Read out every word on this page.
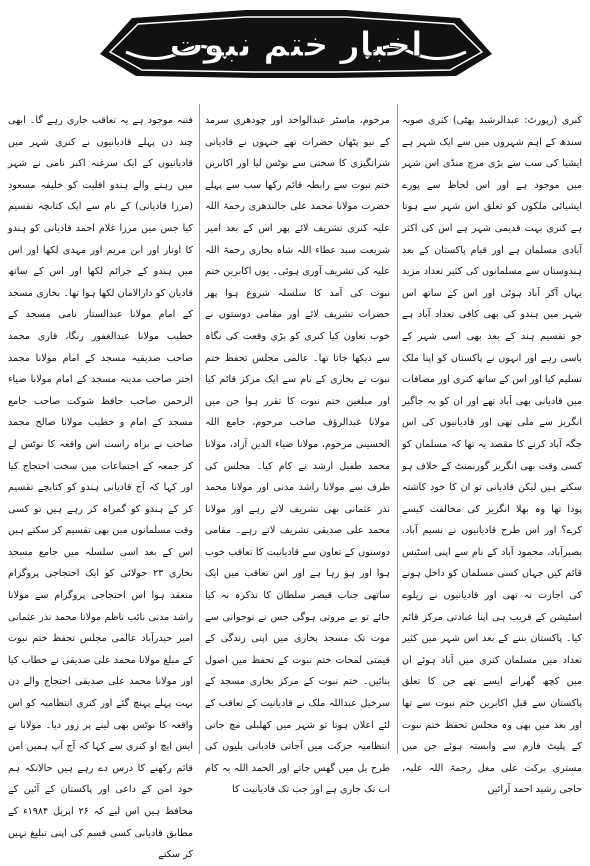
اخبار ختم نبوت

کنری (رپورٹ: عبدالرشید بھٹی) کنری صوبہ سندھ کے اہم شہروں میں سے ایک شہر ہے ایشیا کی سب سے بڑی مرچ منڈی اس شہر میں موجود ہے اور اس لحاظ سے پورے ایشیائی ملکوں کو تعلق اس شہر سے ہوتا ہے کنری بہت قدیمی شہر ہے اس کی اکثر آبادی مسلمان ہے اور قیام پاکستان کے بعد ہندوستان سے مسلمانوں کی کثیر تعداد مزید یہاں آکر آباد ہوئی اور اس کے ساتھ اس شہر میں ہندو کی بھی کافی تعداد آباد ہے جو تقسیم ہند کے بعد بھی اسی شہر کے باسی رہے اور انہوں نے پاکستان کو اپنا ملک تسلیم کیا اور اس کے ساتھ کنری اور مضافات میں قادیانی بھی آباد تھے اور ان کو یہ جاگیر انگریز سے ملی تھی اور قادیانیوں کی اس جگہ آباد کرنے کا مقصد یہ تھا کہ مسلمان کو کسی وقت بھی انگریز گورنمنٹ کے خلاف ہو سکتے ہیں لیکن قادیانی تو ان کا خود کاشتہ پودا تھا وہ بھلا انگریز کی مخالفت کیسے کرے؟ اور اس طرح قادیانیوں نے نسیم آباد، بصیرآباد، محمود آباد کے نام سے اپنی اسٹیس قائم کیں جہاں کسی مسلمان کو داخل ہونے کی اجازت نہ تھی اور قادیانیوں نے ریلوے اسٹیشن کے قریب ہی اپنا عبادتی مرکز قائم کیا۔ پاکستان بننے کے بعد اس شہر میں کثیر تعداد میں مسلمان کنری میں آباد ہوئے ان میں کچھ گھرانے ایسے تھے جن کا تعلق پاکستان سے قبل اکابرین ختم نبوت سے تھا اور بعد میں بھی وہ مجلس تحفظ ختم نبوت کے پلیٹ فارم سے وابستہ ہوئے جن میں مستری برکت علی مغل رحمۃ اللہ علیہ، حاجی رشید احمد آرائیں

مرحوم، ماسٹر عبدالواحد اور چودھری سرمد کے نیو پٹھان حضرات تھے جنہوں نے قادیانی شرانگیزی کا سختی سے نوٹس لیا اور اکابرین ختم نبوت سے رابطہ قائم رکھا سب سے پہلے حضرت مولانا محمد علی جالندھری رحمۃ اللہ علیہ کنری تشریف لائے پھر اس کے بعد امیر شریعت سید عطاء اللہ شاہ بخاری رحمۃ اللہ علیہ کی تشریف آوری ہوئی۔ یوں اکابرین ختم نبوت کی آمد کا سلسلہ شروع ہوا پھر حضرات تشریف لائے اور مقامی دوستوں نے خوب تعاون کیا کنری کو بڑی وقعت کی نگاہ سے دیکھا جاتا تھا۔ عالمی مجلس تحفظ ختم نبوت نے بخاری کے نام سے ایک مرکز قائم کیا اور مبلغین ختم نبوت کا تقرر ہوا جن میں مولانا عبدالرؤف صاحب مرحوم، جامع اللہ الحسینی مرحوم، مولانا ضیاء الدین آزاد، مولانا محمد طفیل ارشد نے کام کیا۔ مجلس کی طرف سے مولانا راشد مدنی اور مولانا محمد نذر عثمانی بھی تشریف لاتے رہے اور مولانا محمد علی صدیقی تشریف لاتے رہے۔ مقامی دوستوں کے تعاون سے قادیانیت کا تعاقب خوب ہوا اور ہو رہا ہے اور اس تعاقب میں ایک ساتھی جناب قیصر سلطان کا تذکرہ نہ کیا جائے تو بے مروتی ہوگی جس نے نوجوانی سے موت تک مسجد بخاری میں اپنی زندگی کے قیمتی لمحات ختم نبوت کے تحفظ میں اصول بنائیں۔ ختم نبوت کے مرکز بخاری مسجد کے سرخیل عبداللہ ملک نے قادیانیت کے تعاقب کے لئے اعلان ہوتا تو شہر میں کھلبلی مچ جاتی انتظامیہ حرکت میں آجاتی قادیانی بلیوں کی طرح بل میں گھس جاتے اور الحمد اللہ یہ کام اب تک جاری ہے اور جب تک قادیانیت کا

فتنہ موجود ہے یہ تعاقب جاری رہے گا۔ ابھی چند دن پہلے قادیانیوں نے کنری شہر میں قادیانیوں کے ایک سرغنہ اکبر نامی نے شہر میں رہنے والے ہندو اقلیت کو خلیفہ مسعود (مرزا قادیانی) کے نام سے ایک کتابچہ تقسیم کیا جس میں مرزا غلام احمد قادیانی کو ہندو کا اوتار اور ابن مریم اور مہدی لکھا اور اس میں ہندو کے جرائم لکھا اور اس کے ساتھ قادیان کو دارالامان لکھا ہوا تھا۔ بخاری مسجد کے امام مولانا عبدالستار نامی مسجد کے خطیب مولانا عبدالغفور رنگا، قاری محمد صاحب صدیقیہ مسجد کے امام مولانا محمد اختر صاحب مدینہ مسجد کے امام مولانا ضیاء الرحمن صاحب حافظ شوکت صاحب جامع مسجد کے امام و خطیب مولانا صالح محمد صاحب نے براہ راست اس واقعہ کا نوٹس لے کر جمعہ کے اجتماعات میں سخت احتجاج کیا اور کہا کہ آج قادیانی ہندو کو کتابچے تقسیم کر کے ہندو کو گمراہ کر رہے ہیں تو کسی وقت مسلمانوں میں بھی تقسیم کر سکتے ہیں اس کے بعد اسی سلسلہ میں جامع مسجد بخاری ۲۳ جولائی کو ایک احتجاجی پروگرام منعقد ہوا اس احتجاجی پروگرام سے مولانا راشد مدنی نائب ناظم مولانا محمد نذر عثمانی امیر حیدرآباد عالمی مجلس تحفظ ختم نبوت کے مبلغ مولانا محمد علی صدیقی نے خطاب کیا اور مولانا محمد علی صدیقی احتجاج والے دن بہت پہلے پہنچ گئے اور کنری انتظامیہ کو اس واقعہ کا نوٹس بھی لینے پر زور دیا۔ مولانا نے ایس ایچ او کنری سے کہا کہ آج آپ ہمیں امن قائم رکھنے کا درس دے رہے ہیں حالانکہ ہم خود امن کے داعی اور پاکستان کے آئین کے محافظ ہیں اس لیے کہ ۲۶ اپریل ۱۹۸۴ء کے مطابق قادیانی کسی قسم کی اپنی تبلیغ نہیں کر سکتے
